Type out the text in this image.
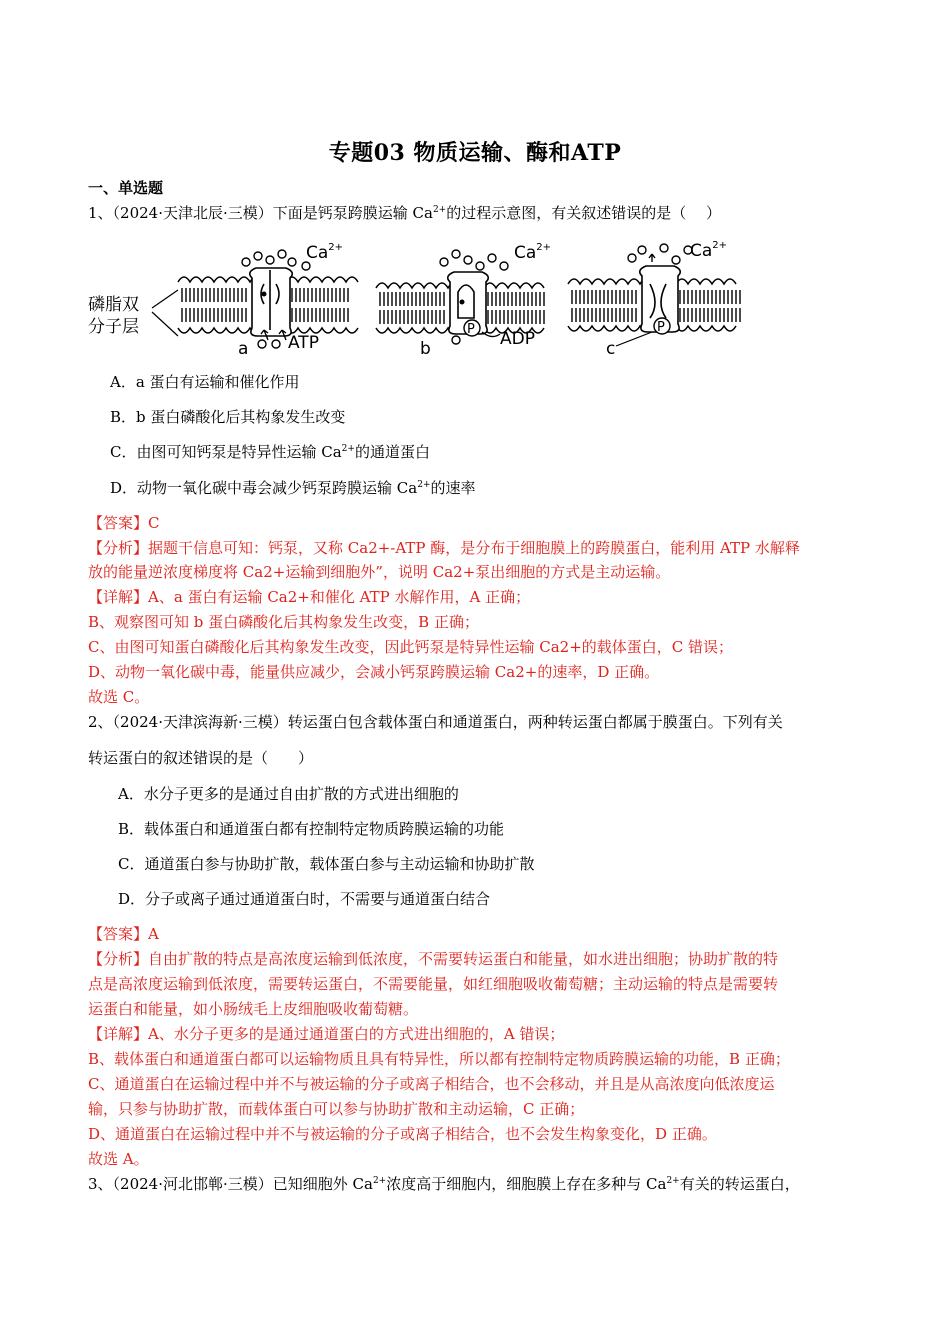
专题03 物质运输、酶和ATP
一、单选题
1、（2024·天津北辰·三模）下面是钙泵跨膜运输 $Ca^{2+}$的过程示意图，有关叙述错误的是（　 ）
磷脂双
分子层
$Ca^{2+}$
a ATP
P
$Ca^{2+}$
b	ADP
P
$Ca^{2+}$
c
A．a 蛋白有运输和催化作用
B．b 蛋白磷酸化后其构象发生改变
C．由图可知钙泵是特异性运输 $Ca^{2+}$的通道蛋白
D．动物一氧化碳中毒会减少钙泵跨膜运输 $Ca^{2+}$的速率
【答案】C
【分析】据题干信息可知：钙泵，又称 Ca2+-ATP 酶，是分布于细胞膜上的跨膜蛋白，能利用 ATP 水解释
放的能量逆浓度梯度将 Ca2+运输到细胞外”，说明 Ca2+泵出细胞的方式是主动运输。
【详解】A、a 蛋白有运输 Ca2+和催化 ATP 水解作用，A 正确；
B、观察图可知 b 蛋白磷酸化后其构象发生改变，B 正确；
C、由图可知蛋白磷酸化后其构象发生改变，因此钙泵是特异性运输 Ca2+的载体蛋白，C 错误；
D、动物一氧化碳中毒，能量供应减少，会减小钙泵跨膜运输 Ca2+的速率，D 正确。
故选 C。
2、（2024·天津滨海新·三模）转运蛋白包含载体蛋白和通道蛋白，两种转运蛋白都属于膜蛋白。下列有关
转运蛋白的叙述错误的是（　　）
A．水分子更多的是通过自由扩散的方式进出细胞的
B．载体蛋白和通道蛋白都有控制特定物质跨膜运输的功能
C．通道蛋白参与协助扩散，载体蛋白参与主动运输和协助扩散
D．分子或离子通过通道蛋白时，不需要与通道蛋白结合
【答案】A
【分析】自由扩散的特点是高浓度运输到低浓度，不需要转运蛋白和能量，如水进出细胞；协助扩散的特
点是高浓度运输到低浓度，需要转运蛋白，不需要能量，如红细胞吸收葡萄糖；主动运输的特点是需要转
运蛋白和能量，如小肠绒毛上皮细胞吸收葡萄糖。
【详解】A、水分子更多的是通过通道蛋白的方式进出细胞的，A 错误；
B、载体蛋白和通道蛋白都可以运输物质且具有特异性，所以都有控制特定物质跨膜运输的功能，B 正确；
C、通道蛋白在运输过程中并不与被运输的分子或离子相结合，也不会移动，并且是从高浓度向低浓度运
输，只参与协助扩散，而载体蛋白可以参与协助扩散和主动运输，C 正确；
D、通道蛋白在运输过程中并不与被运输的分子或离子相结合，也不会发生构象变化，D 正确。
故选 A。
3、（2024·河北邯郸·三模）已知细胞外 $Ca^{2+}$浓度高于细胞内，细胞膜上存在多种与 $Ca^{2+}$有关的转运蛋白，
